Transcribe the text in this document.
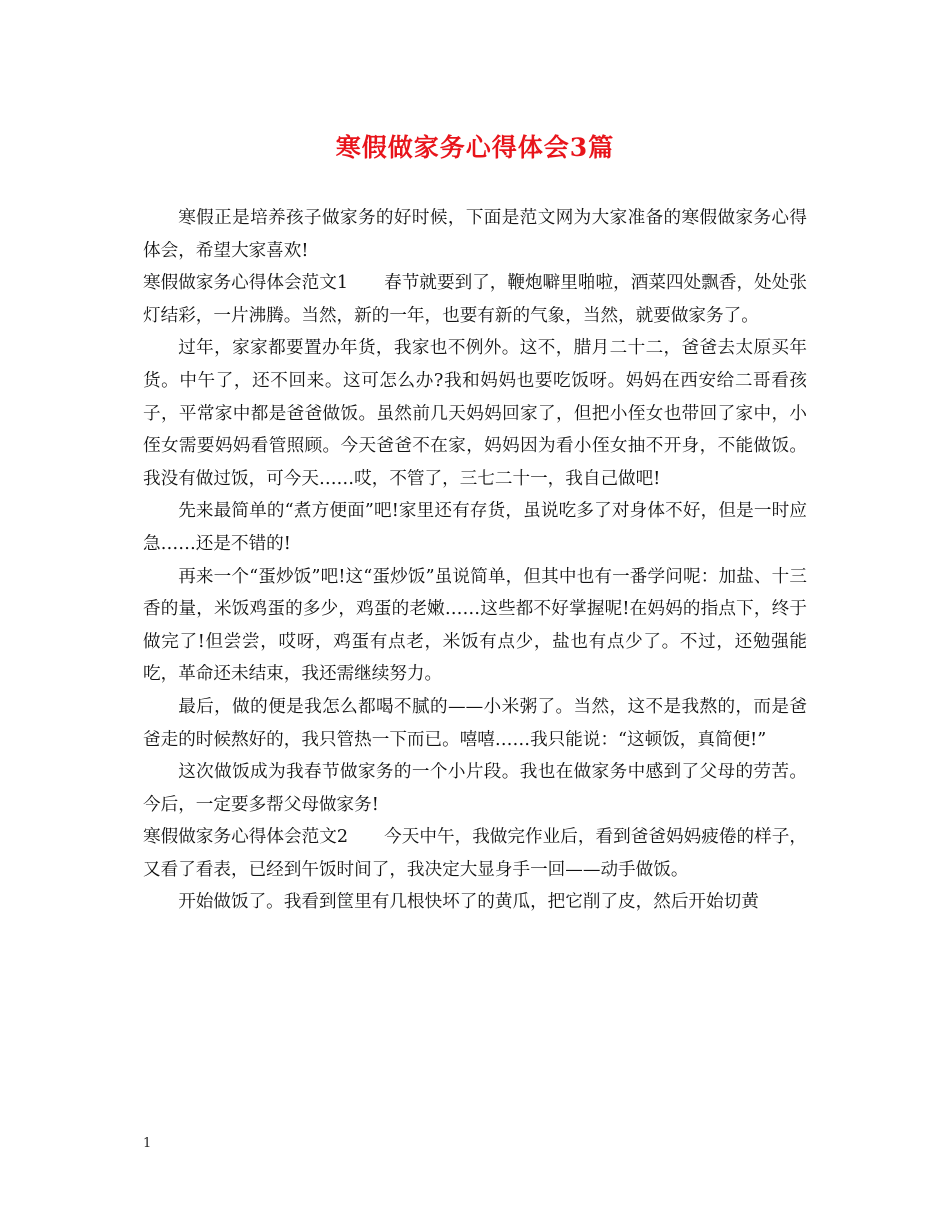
寒假做家务心得体会3篇

寒假正是培养孩子做家务的好时候，下面是范文网为大家准备的寒假做家务心得体会，希望大家喜欢!

寒假做家务心得体会范文1 春节就要到了，鞭炮噼里啪啦，酒菜四处飘香，处处张灯结彩，一片沸腾。当然，新的一年，也要有新的气象，当然，就要做家务了。

过年，家家都要置办年货，我家也不例外。这不，腊月二十二，爸爸去太原买年货。中午了，还不回来。这可怎么办?我和妈妈也要吃饭呀。妈妈在西安给二哥看孩子，平常家中都是爸爸做饭。虽然前几天妈妈回家了，但把小侄女也带回了家中，小侄女需要妈妈看管照顾。今天爸爸不在家，妈妈因为看小侄女抽不开身，不能做饭。我没有做过饭，可今天……哎，不管了，三七二十一，我自己做吧!

先来最简单的“煮方便面”吧!家里还有存货，虽说吃多了对身体不好，但是一时应急……还是不错的!

再来一个“蛋炒饭”吧!这“蛋炒饭”虽说简单，但其中也有一番学问呢：加盐、十三香的量，米饭鸡蛋的多少，鸡蛋的老嫩……这些都不好掌握呢!在妈妈的指点下，终于做完了!但尝尝，哎呀，鸡蛋有点老，米饭有点少，盐也有点少了。不过，还勉强能吃，革命还未结束，我还需继续努力。

最后，做的便是我怎么都喝不腻的——小米粥了。当然，这不是我熬的，而是爸爸走的时候熬好的，我只管热一下而已。嘻嘻……我只能说：“这顿饭，真简便!”

这次做饭成为我春节做家务的一个小片段。我也在做家务中感到了父母的劳苦。今后，一定要多帮父母做家务!

寒假做家务心得体会范文2 今天中午，我做完作业后，看到爸爸妈妈疲倦的样子，又看了看表，已经到午饭时间了，我决定大显身手一回——动手做饭。

开始做饭了。我看到筐里有几根快坏了的黄瓜，把它削了皮，然后开始切黄

1
